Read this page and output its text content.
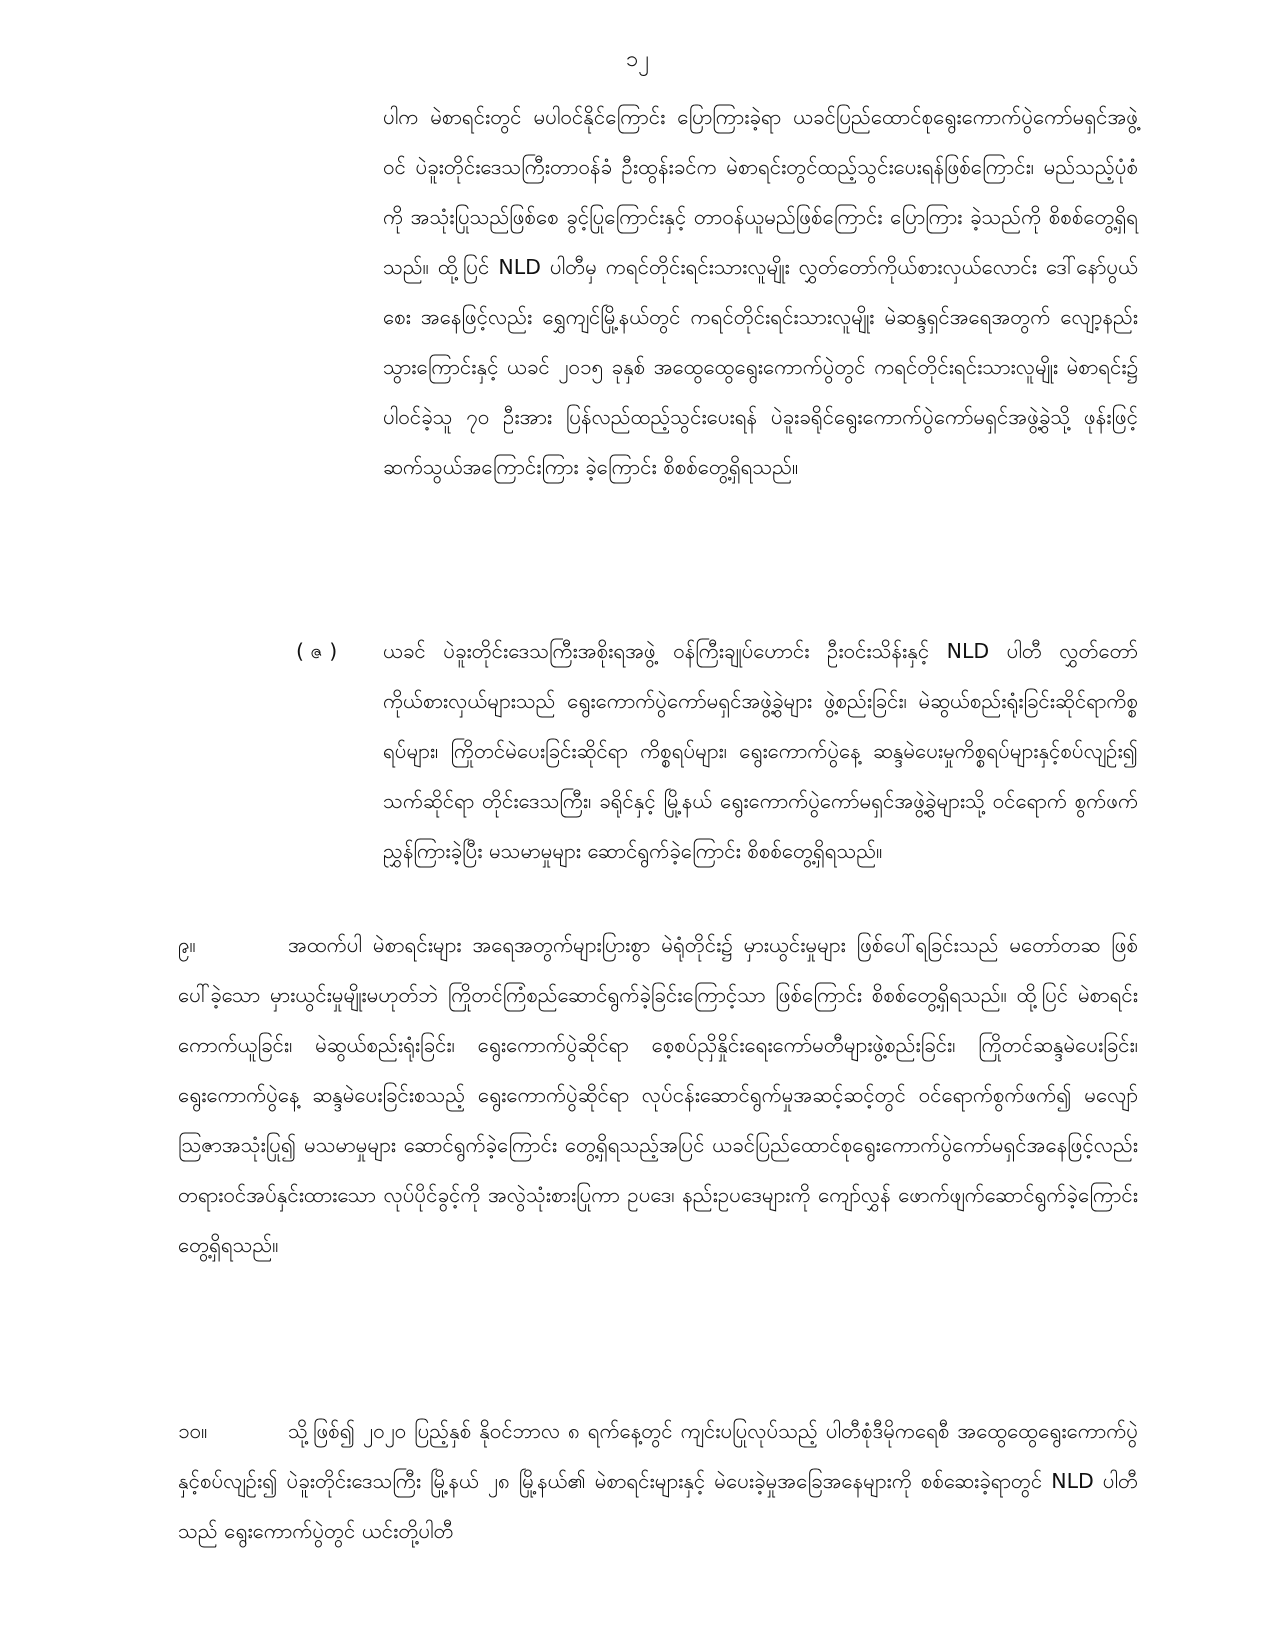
၁၂
ပါက မဲစာရင်းတွင် မပါဝင်နိုင်ကြောင်း ပြောကြားခဲ့ရာ ယခင်ပြည်ထောင်စုရွေးကောက်ပွဲကော်မရှင်အဖွဲ့ဝင် ပဲခူးတိုင်းဒေသကြီးတာဝန်ခံ ဦးထွန်းခင်က မဲစာရင်းတွင်ထည့်သွင်းပေးရန်ဖြစ်ကြောင်း၊ မည်သည့်ပုံစံကို အသုံးပြုသည်ဖြစ်စေ ခွင့်ပြုကြောင်းနှင့် တာဝန်ယူမည်ဖြစ်ကြောင်း ပြောကြား ခဲ့သည်ကို စိစစ်တွေ့ရှိရသည်။ ထို့ပြင် NLD ပါတီမှ ကရင်တိုင်းရင်းသားလူမျိုး လွှတ်တော်ကိုယ်စားလှယ်လောင်း ဒေါ်နော်ပွယ်စေး အနေဖြင့်လည်း ရွှေကျင်မြို့နယ်တွင် ကရင်တိုင်းရင်းသားလူမျိုး မဲဆန္ဒရှင်အရေအတွက် လျော့နည်း သွားကြောင်းနှင့် ယခင် ၂၀၁၅ ခုနှစ် အထွေထွေရွေးကောက်ပွဲတွင် ကရင်တိုင်းရင်းသားလူမျိုး မဲစာရင်း၌ ပါဝင်ခဲ့သူ ၇၀ ဦးအား ပြန်လည်ထည့်သွင်းပေးရန် ပဲခူးခရိုင်ရွေးကောက်ပွဲကော်မရှင်အဖွဲ့ခွဲသို့ ဖုန်းဖြင့် ဆက်သွယ်အကြောင်းကြား ခဲ့ကြောင်း စိစစ်တွေ့ရှိရသည်။
( ဇ ) ယခင် ပဲခူးတိုင်းဒေသကြီးအစိုးရအဖွဲ့ ဝန်ကြီးချုပ်ဟောင်း ဦးဝင်းသိန်းနှင့် NLD ပါတီ လွှတ်တော်ကိုယ်စားလှယ်များသည် ရွေးကောက်ပွဲကော်မရှင်အဖွဲ့ခွဲများ ဖွဲ့စည်းခြင်း၊ မဲဆွယ်စည်းရုံးခြင်းဆိုင်ရာကိစ္စရပ်များ၊ ကြိုတင်မဲပေးခြင်းဆိုင်ရာ ကိစ္စရပ်များ၊ ရွေးကောက်ပွဲနေ့ ဆန္ဒမဲပေးမှုကိစ္စရပ်များနှင့်စပ်လျဉ်း၍ သက်ဆိုင်ရာ တိုင်းဒေသကြီး၊ ခရိုင်နှင့် မြို့နယ် ရွေးကောက်ပွဲကော်မရှင်အဖွဲ့ခွဲများသို့ ဝင်ရောက် စွက်ဖက် ညွှန်ကြားခဲ့ပြီး မသမာမှုများ ဆောင်ရွက်ခဲ့ကြောင်း စိစစ်တွေ့ရှိရသည်။
၉။	အထက်ပါ မဲစာရင်းများ အရေအတွက်များပြားစွာ မဲရုံတိုင်း၌ မှားယွင်းမှုများ ဖြစ်ပေါ်ရခြင်းသည် မတော်တဆ ဖြစ်ပေါ်ခဲ့သော မှားယွင်းမှုမျိုးမဟုတ်ဘဲ ကြိုတင်ကြံစည်ဆောင်ရွက်ခဲ့ခြင်းကြောင့်သာ ဖြစ်ကြောင်း စိစစ်တွေ့ရှိရသည်။ ထို့ပြင် မဲစာရင်းကောက်ယူခြင်း၊ မဲဆွယ်စည်းရုံးခြင်း၊ ရွေးကောက်ပွဲဆိုင်ရာ စေ့စပ်ညှိနှိုင်းရေးကော်မတီများဖွဲ့စည်းခြင်း၊ ကြိုတင်ဆန္ဒမဲပေးခြင်း၊ ရွေးကောက်ပွဲနေ့ ဆန္ဒမဲပေးခြင်းစသည့် ရွေးကောက်ပွဲဆိုင်ရာ လုပ်ငန်းဆောင်ရွက်မှုအဆင့်ဆင့်တွင် ဝင်ရောက်စွက်ဖက်၍ မလျော်ဩဇာအသုံးပြု၍ မသမာမှုများ ဆောင်ရွက်ခဲ့ကြောင်း တွေ့ရှိရသည့်အပြင် ယခင်ပြည်ထောင်စုရွေးကောက်ပွဲကော်မရှင်အနေဖြင့်လည်း တရားဝင်အပ်နှင်းထားသော လုပ်ပိုင်ခွင့်ကို အလွဲသုံးစားပြုကာ ဥပဒေ၊ နည်းဥပဒေများကို ကျော်လွှန် ဖောက်ဖျက်ဆောင်ရွက်ခဲ့ကြောင်း တွေ့ရှိရသည်။
၁၀။	သို့ဖြစ်၍ ၂၀၂၀ ပြည့်နှစ် နိုဝင်ဘာလ ၈ ရက်နေ့တွင် ကျင်းပပြုလုပ်သည့် ပါတီစုံဒီမိုကရေစီ အထွေထွေရွေးကောက်ပွဲနှင့်စပ်လျဉ်း၍ ပဲခူးတိုင်းဒေသကြီး မြို့နယ် ၂၈ မြို့နယ်၏ မဲစာရင်းများနှင့် မဲပေးခဲ့မှုအခြေအနေများကို စစ်ဆေးခဲ့ရာတွင် NLD ပါတီသည် ရွေးကောက်ပွဲတွင် ယင်းတို့ပါတီ
